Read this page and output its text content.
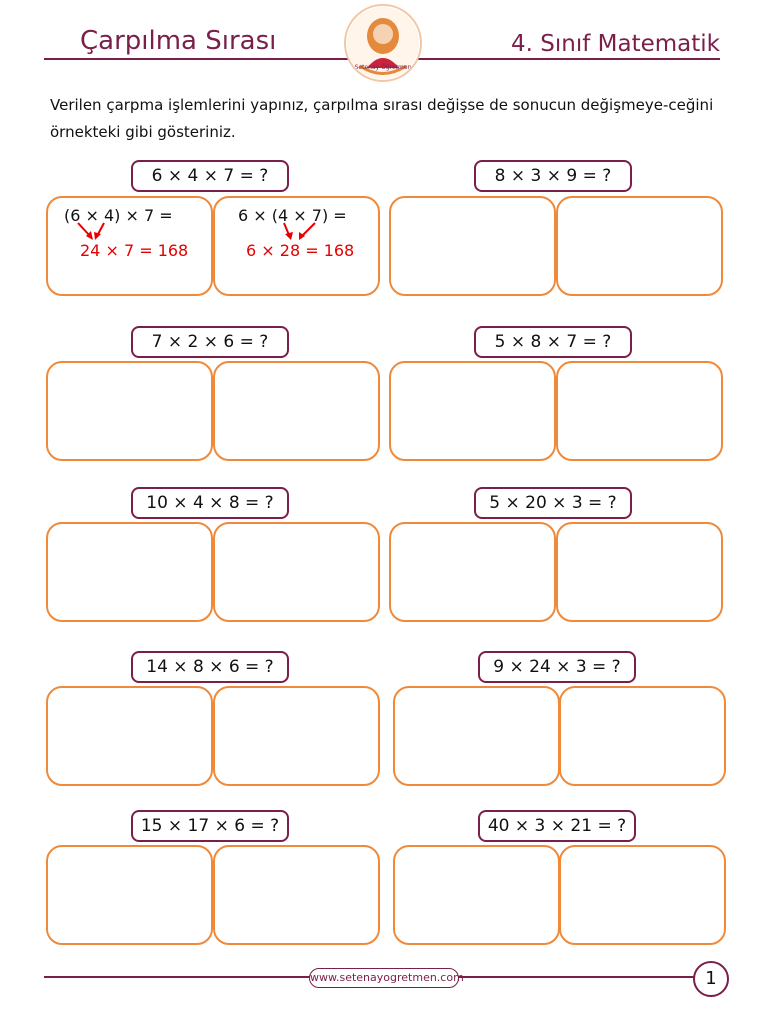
Çarpılma Sırası	4. Sınıf Matematik
Setenay Öğretmen
Verilen çarpma işlemlerini yapınız, çarpılma sırası değişse de sonucun değişmeye-ceğini örnekteki gibi gösteriniz.
6 × 4 × 7 = ?	8 × 3 × 9 = ?
(6 × 4) × 7 =
24 × 7 = 168
6 × (4 × 7) =
6 × 28 = 168
7 × 2 × 6 = ?	5 × 8 × 7 = ?
10 × 4 × 8 = ?	5 × 20 × 3 = ?
14 × 8 × 6 = ?	9 × 24 × 3 = ?
15 × 17 × 6 = ?	40 × 3 × 21 = ?
www.setenayogretmen.com	1
